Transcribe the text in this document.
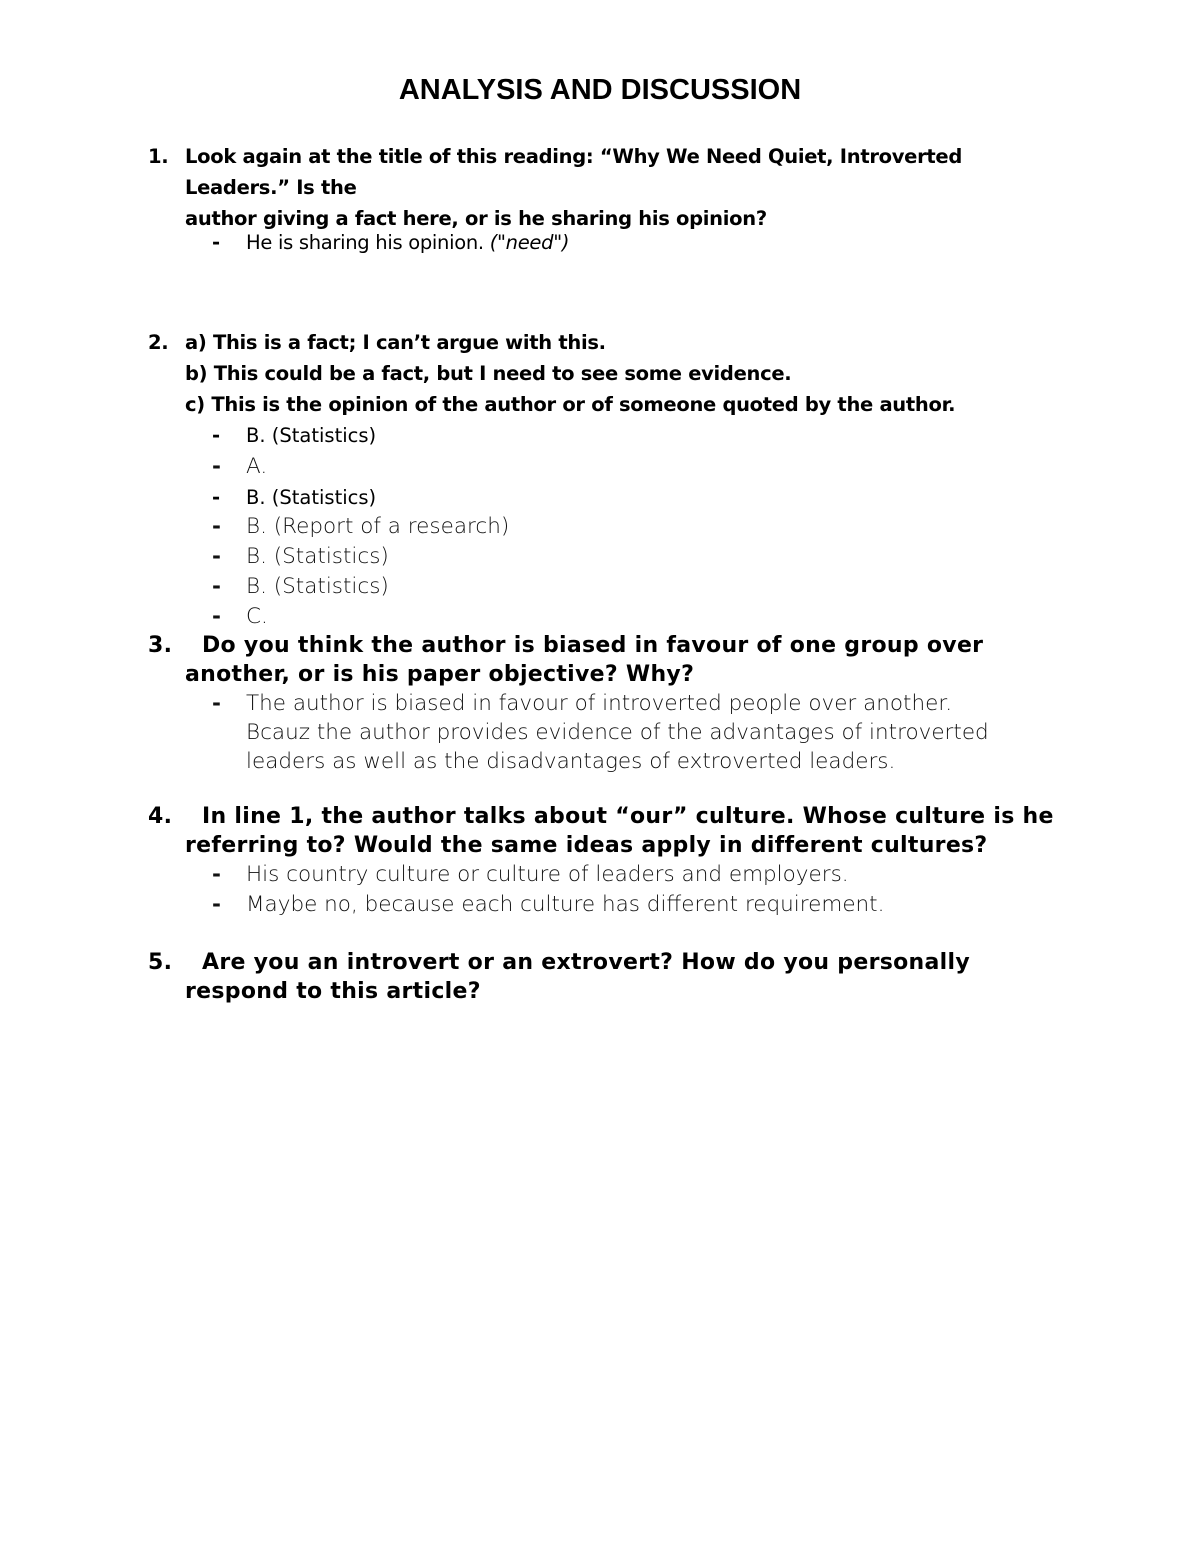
ANALYSIS AND DISCUSSION
1. Look again at the title of this reading: “Why We Need Quiet, Introverted Leaders.” Is the
author giving a fact here, or is he sharing his opinion?
- He is sharing his opinion. ("need")
2. a) This is a fact; I can’t argue with this.
b) This could be a fact, but I need to see some evidence.
c) This is the opinion of the author or of someone quoted by the author.
- B. (Statistics)
- A.
- B. (Statistics)
- B. (Report of a research)
- B. (Statistics)
- B. (Statistics)
- C.
3.	Do you think the author is biased in favour of one group over
another, or is his paper objective? Why?
- The author is biased in favour of introverted people over another.
Bcauz the author provides evidence of the advantages of introverted
leaders as well as the disadvantages of extroverted leaders.
4.	In line 1, the author talks about “our” culture. Whose culture is he
referring to? Would the same ideas apply in different cultures?
- His country culture or culture of leaders and employers.
- Maybe no, because each culture has different requirement.
5.	Are you an introvert or an extrovert? How do you personally
respond to this article?
